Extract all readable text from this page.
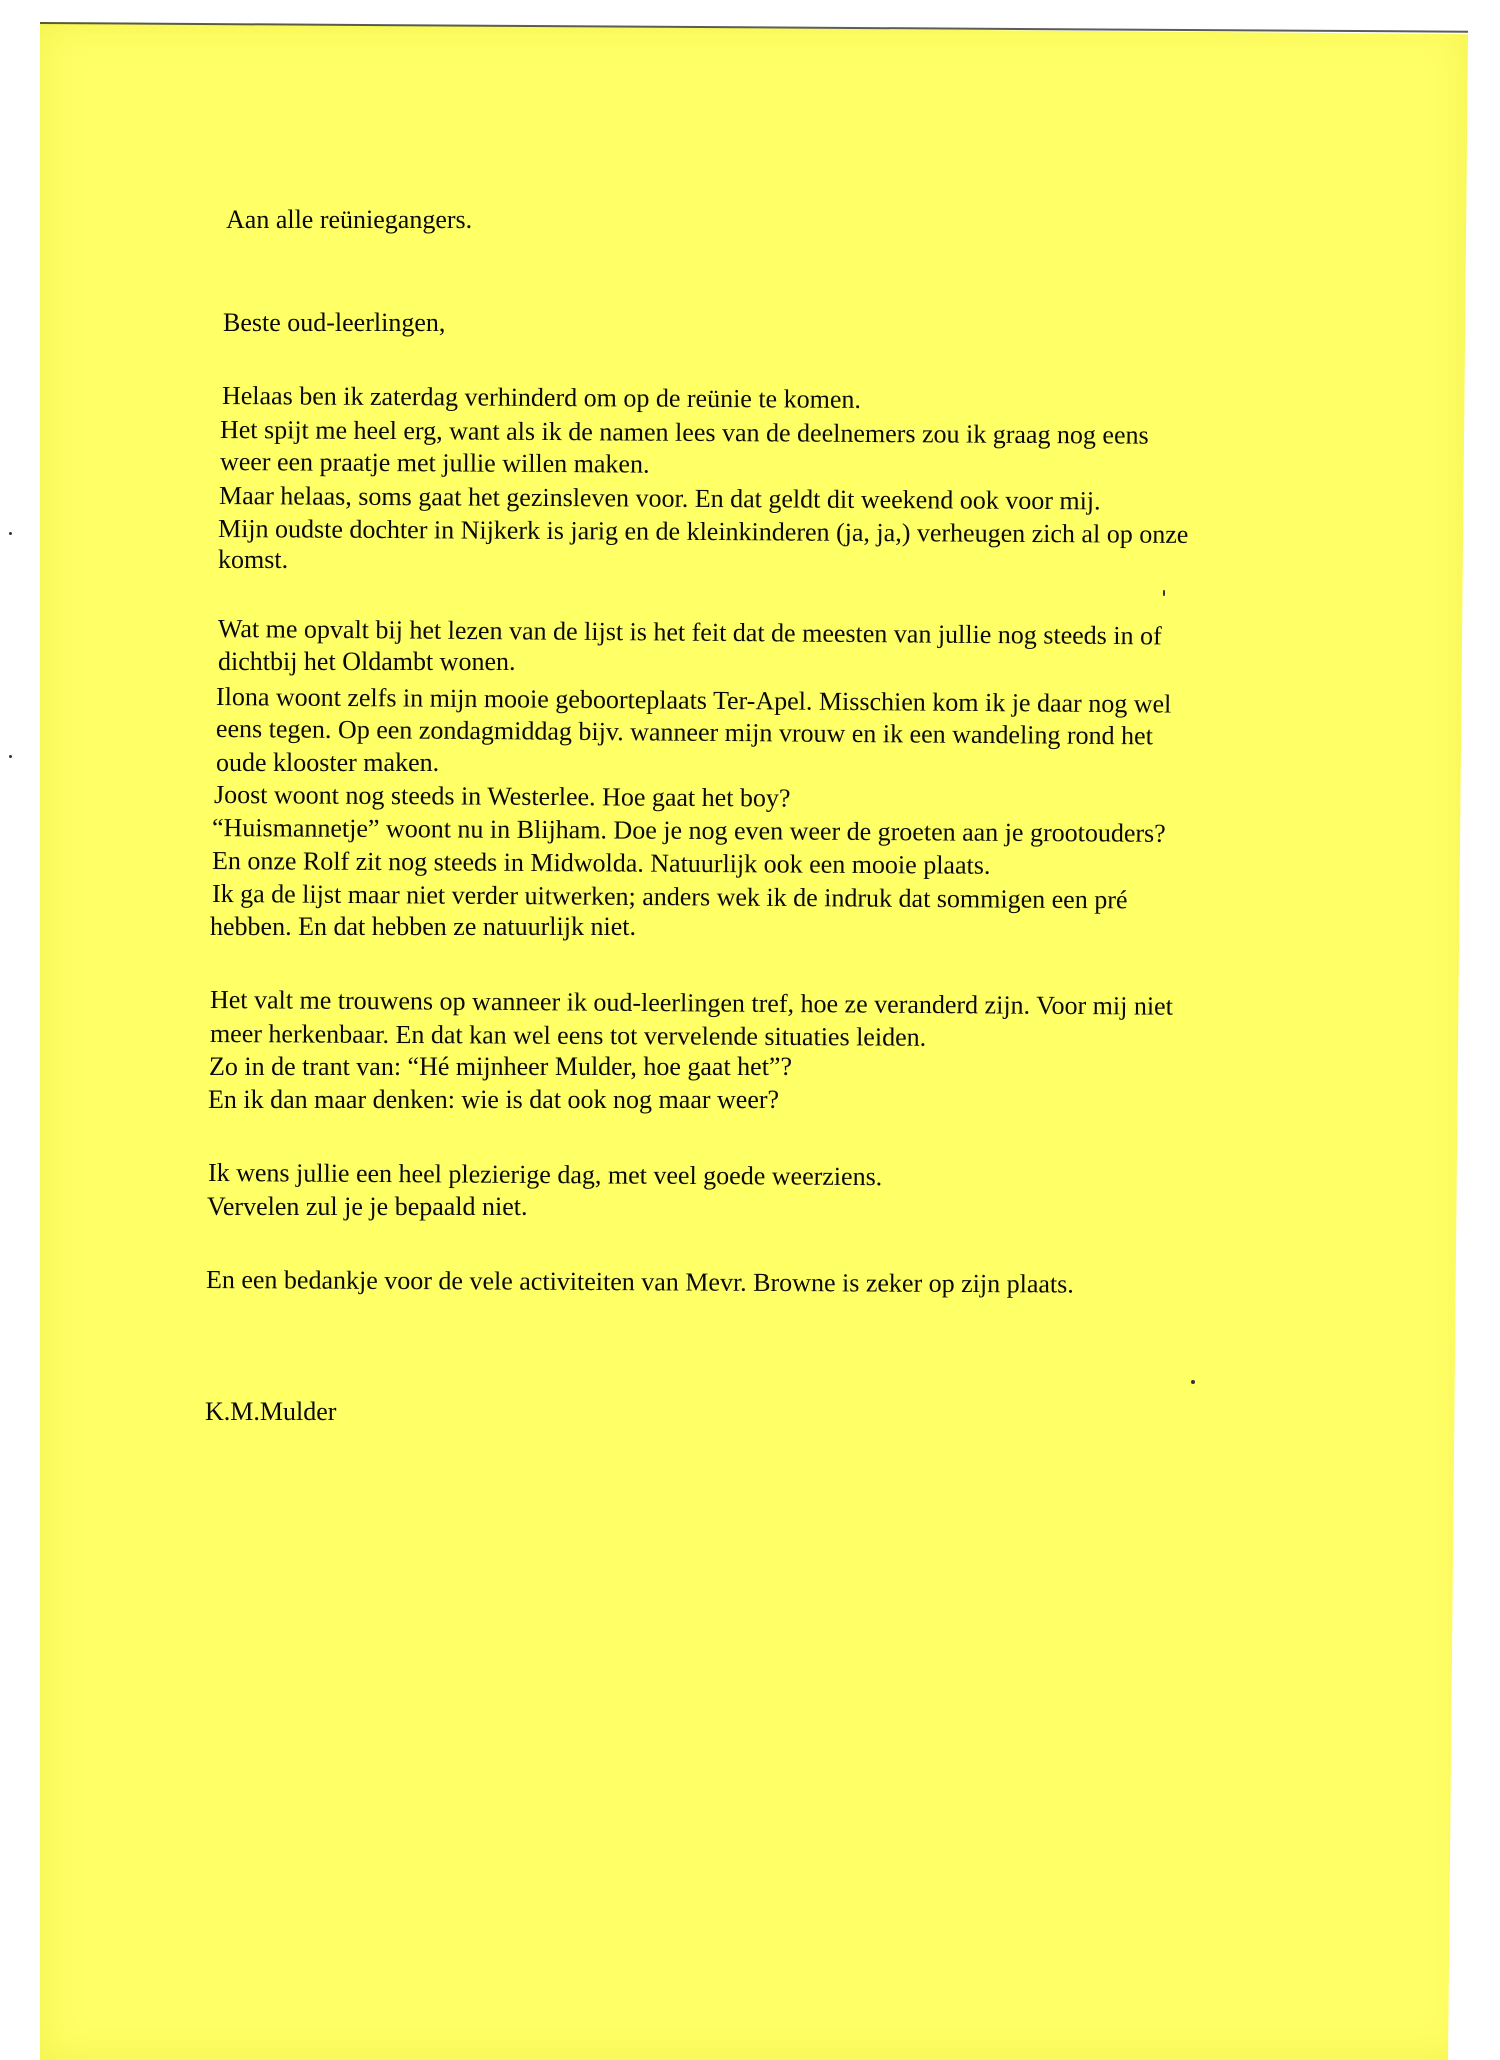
Aan alle reüniegangers.
Beste oud-leerlingen,
Helaas ben ik zaterdag verhinderd om op de reünie te komen.
Het spijt me heel erg, want als ik de namen lees van de deelnemers zou ik graag nog eens
weer een praatje met jullie willen maken.
Maar helaas, soms gaat het gezinsleven voor. En dat geldt dit weekend ook voor mij.
Mijn oudste dochter in Nijkerk is jarig en de kleinkinderen (ja, ja,) verheugen zich al op onze
komst.
Wat me opvalt bij het lezen van de lijst is het feit dat de meesten van jullie nog steeds in of
dichtbij het Oldambt wonen.
Ilona woont zelfs in mijn mooie geboorteplaats Ter-Apel. Misschien kom ik je daar nog wel
eens tegen. Op een zondagmiddag bijv. wanneer mijn vrouw en ik een wandeling rond het
oude klooster maken.
Joost woont nog steeds in Westerlee. Hoe gaat het boy?
“Huismannetje” woont nu in Blijham. Doe je nog even weer de groeten aan je grootouders?
En onze Rolf zit nog steeds in Midwolda. Natuurlijk ook een mooie plaats.
Ik ga de lijst maar niet verder uitwerken; anders wek ik de indruk dat sommigen een pré
hebben. En dat hebben ze natuurlijk niet.
Het valt me trouwens op wanneer ik oud-leerlingen tref, hoe ze veranderd zijn. Voor mij niet
meer herkenbaar. En dat kan wel eens tot vervelende situaties leiden.
Zo in de trant van: “Hé mijnheer Mulder, hoe gaat het”?
En ik dan maar denken: wie is dat ook nog maar weer?
Ik wens jullie een heel plezierige dag, met veel goede weerziens.
Vervelen zul je je bepaald niet.
En een bedankje voor de vele activiteiten van Mevr. Browne is zeker op zijn plaats.
K.M.Mulder
